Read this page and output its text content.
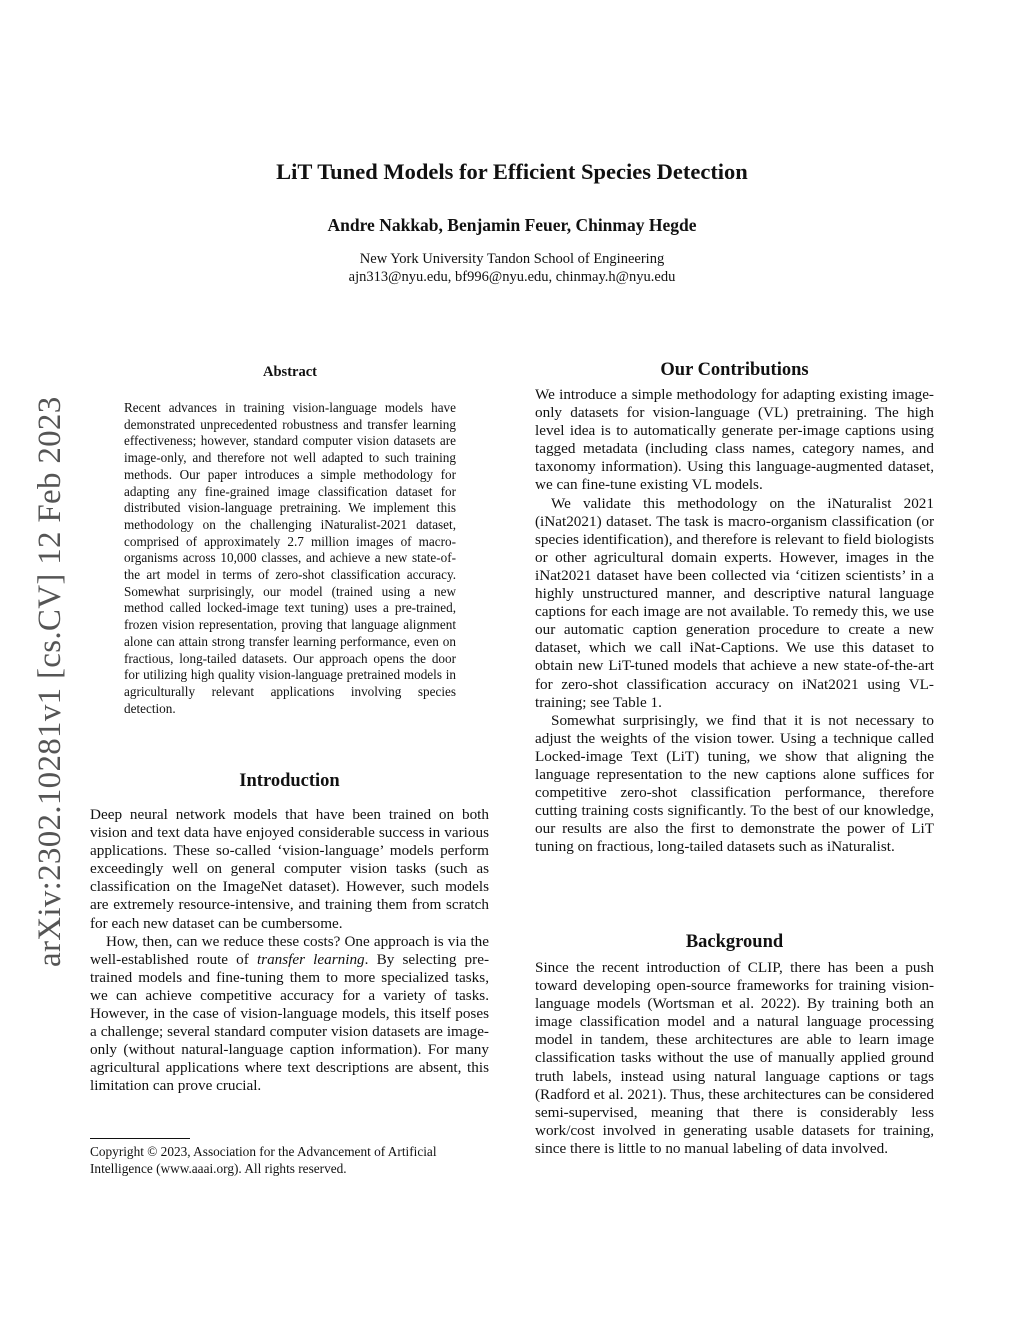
LiT Tuned Models for Efficient Species Detection
Andre Nakkab, Benjamin Feuer, Chinmay Hegde
New York University Tandon School of Engineering
ajn313@nyu.edu, bf996@nyu.edu, chinmay.h@nyu.edu
arXiv:2302.10281v1 [cs.CV] 12 Feb 2023
Abstract

Recent advances in training vision-language models have demonstrated unprecedented robustness and transfer learning effectiveness; however, standard computer vision datasets are image-only, and therefore not well adapted to such training methods. Our paper introduces a simple methodology for adapting any fine-grained image classification dataset for distributed vision-language pretraining. We implement this methodology on the challenging iNaturalist-2021 dataset, comprised of approximately 2.7 million images of macro-organisms across 10,000 classes, and achieve a new state-of-the art model in terms of zero-shot classification accuracy. Somewhat surprisingly, our model (trained using a new method called locked-image text tuning) uses a pre-trained, frozen vision representation, proving that language alignment alone can attain strong transfer learning performance, even on fractious, long-tailed datasets. Our approach opens the door for utilizing high quality vision-language pretrained models in agriculturally relevant applications involving species detection.

Introduction

Deep neural network models that have been trained on both vision and text data have enjoyed considerable success in various applications. These so-called ‘vision-language’ models perform exceedingly well on general computer vision tasks (such as classification on the ImageNet dataset). However, such models are extremely resource-intensive, and training them from scratch for each new dataset can be cumbersome.

How, then, can we reduce these costs? One approach is via the well-established route of transfer learning. By selecting pre-trained models and fine-tuning them to more specialized tasks, we can achieve competitive accuracy for a variety of tasks. However, in the case of vision-language models, this itself poses a challenge; several standard computer vision datasets are image-only (without natural-language caption information). For many agricultural applications where text descriptions are absent, this limitation can prove crucial.

Copyright © 2023, Association for the Advancement of Artificial Intelligence (www.aaai.org). All rights reserved.

Our Contributions

We introduce a simple methodology for adapting existing image-only datasets for vision-language (VL) pretraining. The high level idea is to automatically generate per-image captions using tagged metadata (including class names, category names, and taxonomy information). Using this language-augmented dataset, we can fine-tune existing VL models.

We validate this methodology on the iNaturalist 2021 (iNat2021) dataset. The task is macro-organism classification (or species identification), and therefore is relevant to field biologists or other agricultural domain experts. However, images in the iNat2021 dataset have been collected via ‘citizen scientists’ in a highly unstructured manner, and descriptive natural language captions for each image are not available. To remedy this, we use our automatic caption generation procedure to create a new dataset, which we call iNat-Captions. We use this dataset to obtain new LiT-tuned models that achieve a new state-of-the-art for zero-shot classification accuracy on iNat2021 using VL-training; see Table 1.

Somewhat surprisingly, we find that it is not necessary to adjust the weights of the vision tower. Using a technique called Locked-image Text (LiT) tuning, we show that aligning the language representation to the new captions alone suffices for competitive zero-shot classification performance, therefore cutting training costs significantly. To the best of our knowledge, our results are also the first to demonstrate the power of LiT tuning on fractious, long-tailed datasets such as iNaturalist.

Background

Since the recent introduction of CLIP, there has been a push toward developing open-source frameworks for training vision-language models (Wortsman et al. 2022). By training both an image classification model and a natural language processing model in tandem, these architectures are able to learn image classification tasks without the use of manually applied ground truth labels, instead using natural language captions or tags (Radford et al. 2021). Thus, these architectures can be considered semi-supervised, meaning that there is considerably less work/cost involved in generating usable datasets for training, since there is little to no manual labeling of data involved.
